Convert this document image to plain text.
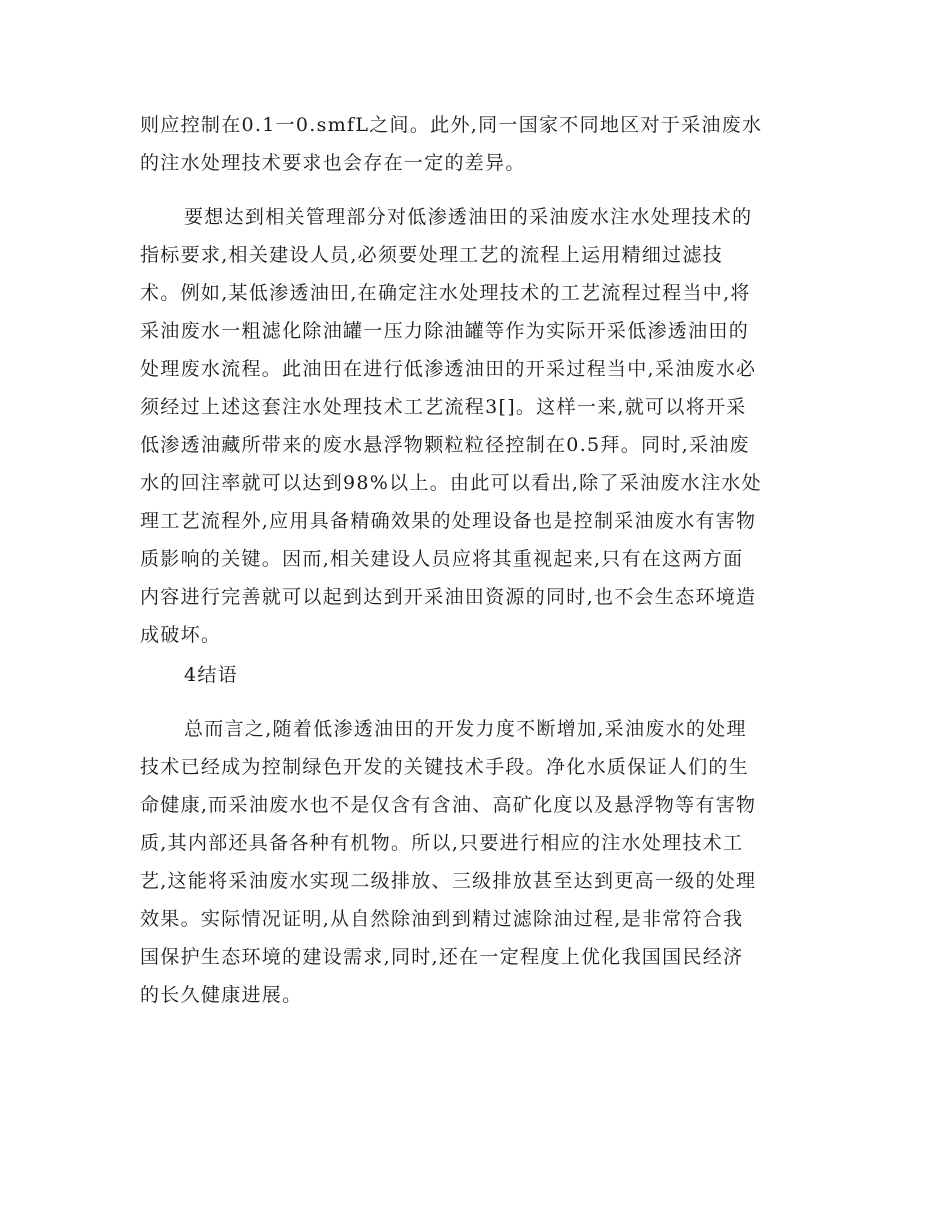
则应控制在0.1一0.smfL之间。此外,同一国家不同地区对于采油废水
的注水处理技术要求也会存在一定的差异。
要想达到相关管理部分对低渗透油田的采油废水注水处理技术的
指标要求,相关建设人员,必须要处理工艺的流程上运用精细过滤技
术。例如,某低渗透油田,在确定注水处理技术的工艺流程过程当中,将
采油废水一粗滤化除油罐一压力除油罐等作为实际开采低渗透油田的
处理废水流程。此油田在进行低渗透油田的开采过程当中,采油废水必
须经过上述这套注水处理技术工艺流程3[]。这样一来,就可以将开采
低渗透油藏所带来的废水悬浮物颗粒粒径控制在0.5拜。同时,采油废
水的回注率就可以达到98%以上。由此可以看出,除了采油废水注水处
理工艺流程外,应用具备精确效果的处理设备也是控制采油废水有害物
质影响的关键。因而,相关建设人员应将其重视起来,只有在这两方面
内容进行完善就可以起到达到开采油田资源的同时,也不会生态环境造
成破坏。
4结语
总而言之,随着低渗透油田的开发力度不断增加,采油废水的处理
技术已经成为控制绿色开发的关键技术手段。净化水质保证人们的生
命健康,而采油废水也不是仅含有含油、高矿化度以及悬浮物等有害物
质,其内部还具备各种有机物。所以,只要进行相应的注水处理技术工
艺,这能将采油废水实现二级排放、三级排放甚至达到更高一级的处理
效果。实际情况证明,从自然除油到到精过滤除油过程,是非常符合我
国保护生态环境的建设需求,同时,还在一定程度上优化我国国民经济
的长久健康进展。
